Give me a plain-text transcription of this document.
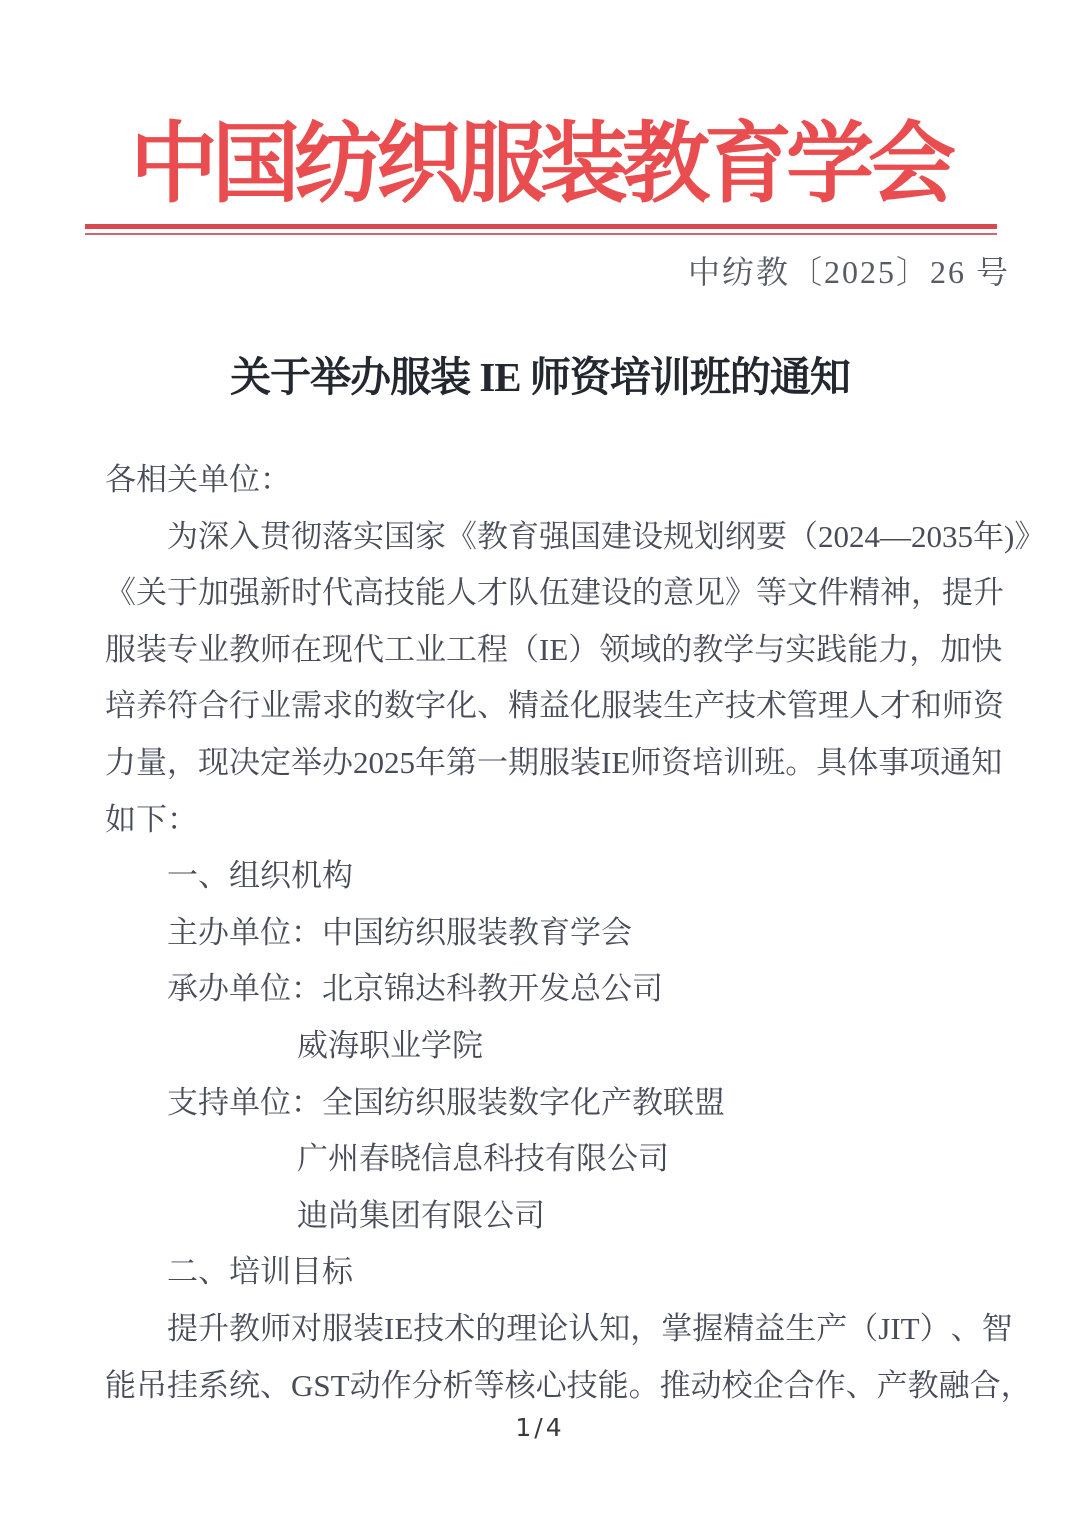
中国纺织服装教育学会
中纺教〔2025〕26 号
关于举办服装 IE 师资培训班的通知
各相关单位：
为 深 入 贯 彻 落 实 国 家 《 教 育 强 国 建 设 规 划 纲 要 （ 2024—2035 年 ) 》
《 关 于 加 强 新 时 代 高 技 能 人 才 队 伍 建 设 的 意 见 》 等 文 件 精 神 ， 提 升
服 装 专 业 教 师 在 现 代 工 业 工 程 （ IE ） 领 域 的 教 学 与 实 践 能 力 ， 加 快
培 养 符 合 行 业 需 求 的 数 字 化 、 精 益 化 服 装 生 产 技 术 管 理 人 才 和 师 资
力 量 ， 现 决 定 举 办 2025 年 第 一 期 服 装 IE 师 资 培 训 班 。 具 体 事 项 通 知
如下：
一、组织机构
主办单位：中国纺织服装教育学会
承办单位：北京锦达科教开发总公司
威海职业学院
支持单位：全国纺织服装数字化产教联盟
广州春晓信息科技有限公司
迪尚集团有限公司
二、培训目标
提 升 教 师 对 服 装 IE 技 术 的 理 论 认 知 ， 掌 握 精 益 生 产 （ JIT ） 、 智
能 吊 挂 系 统 、 GST 动 作 分 析 等 核 心 技 能 。 推 动 校 企 合 作 、 产 教 融 合 ，
1/4
